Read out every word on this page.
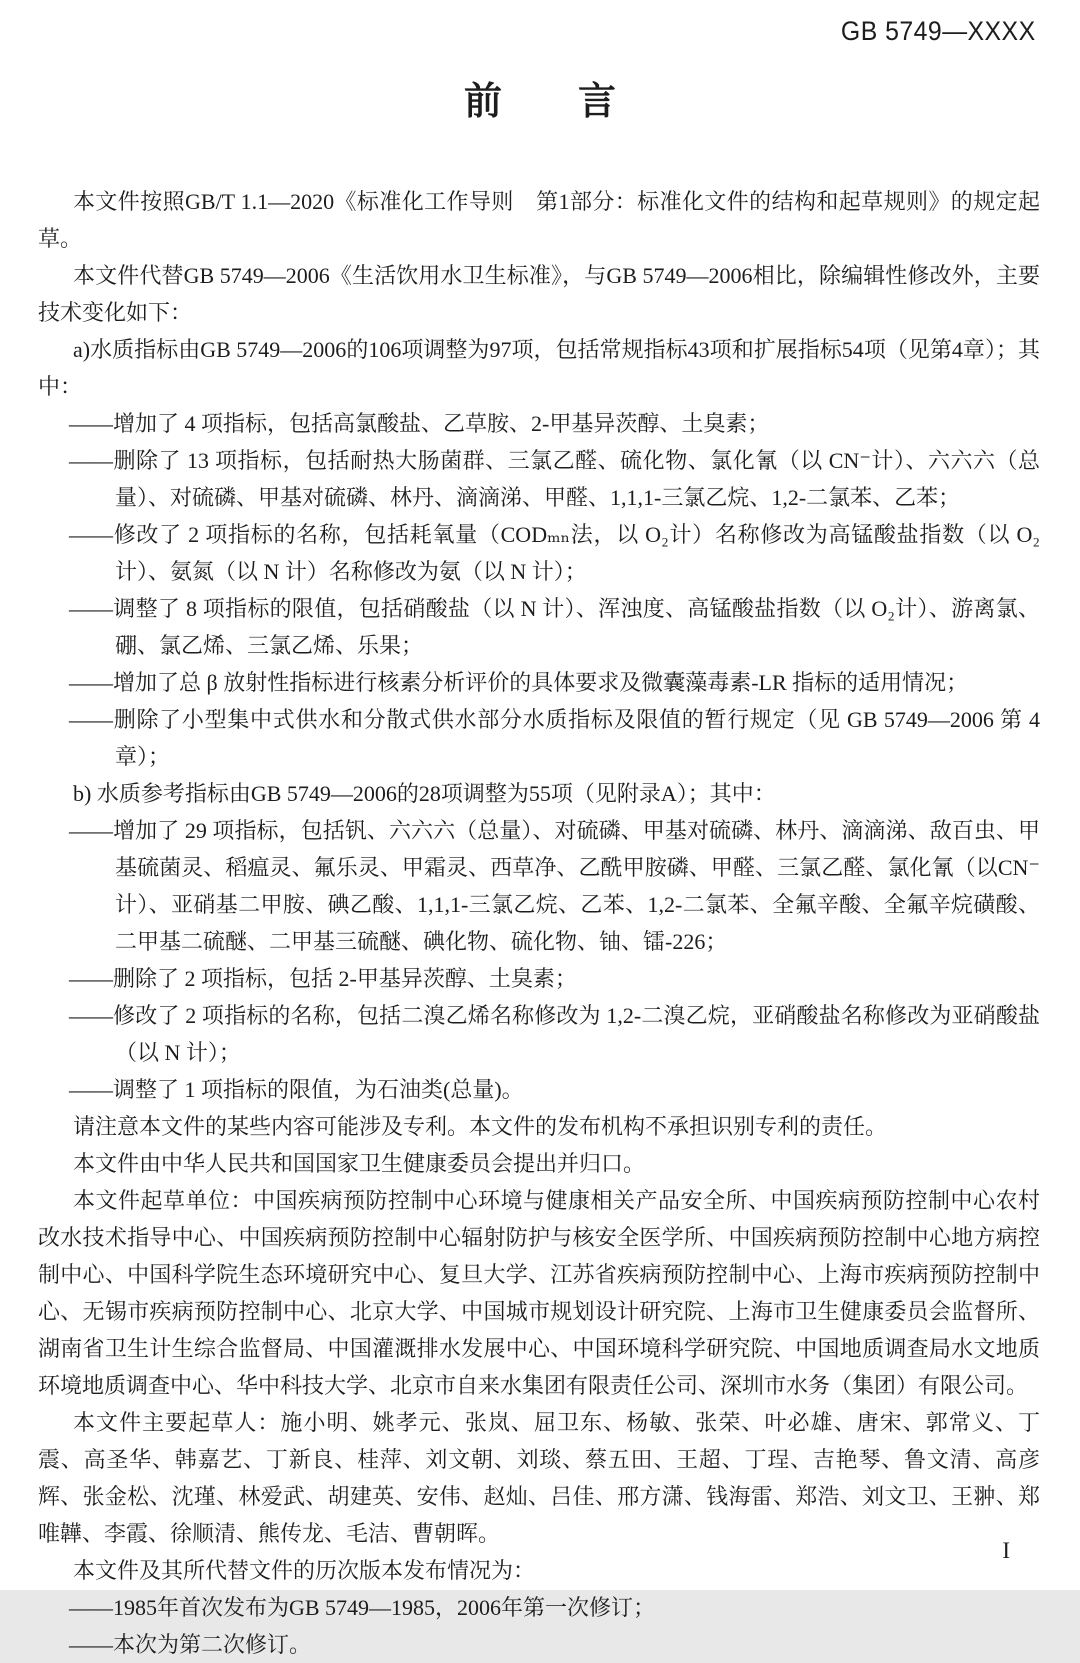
GB 5749—XXXX
前　　言

本文件按照GB/T 1.1—2020《标准化工作导则　第1部分：标准化文件的结构和起草规则》的规定起草。

本文件代替GB 5749—2006《生活饮用水卫生标准》，与GB 5749—2006相比，除编辑性修改外，主要技术变化如下：

a)水质指标由GB 5749—2006的106项调整为97项，包括常规指标43项和扩展指标54项（见第4章）；其中：

——增加了 4 项指标，包括高氯酸盐、乙草胺、2-甲基异茨醇、土臭素；

——删除了 13 项指标，包括耐热大肠菌群、三氯乙醛、硫化物、氯化氰（以 CN⁻计）、六六六（总量）、对硫磷、甲基对硫磷、林丹、滴滴涕、甲醛、1,1,1-三氯乙烷、1,2-二氯苯、乙苯；

——修改了 2 项指标的名称，包括耗氧量（CODₘₙ法，以 O₂计）名称修改为高锰酸盐指数（以 O₂计）、氨氮（以 N 计）名称修改为氨（以 N 计）；

——调整了 8 项指标的限值，包括硝酸盐（以 N 计）、浑浊度、高锰酸盐指数（以 O₂计）、游离氯、硼、氯乙烯、三氯乙烯、乐果；

——增加了总 β 放射性指标进行核素分析评价的具体要求及微囊藻毒素-LR 指标的适用情况；

——删除了小型集中式供水和分散式供水部分水质指标及限值的暂行规定（见 GB 5749—2006 第 4 章）；

b) 水质参考指标由GB 5749—2006的28项调整为55项（见附录A）；其中：

——增加了 29 项指标，包括钒、六六六（总量）、对硫磷、甲基对硫磷、林丹、滴滴涕、敌百虫、甲基硫菌灵、稻瘟灵、氟乐灵、甲霜灵、西草净、乙酰甲胺磷、甲醛、三氯乙醛、氯化氰（以CN⁻计）、亚硝基二甲胺、碘乙酸、1,1,1-三氯乙烷、乙苯、1,2-二氯苯、全氟辛酸、全氟辛烷磺酸、二甲基二硫醚、二甲基三硫醚、碘化物、硫化物、铀、镭-226；

——删除了 2 项指标，包括 2-甲基异茨醇、土臭素；

——修改了 2 项指标的名称，包括二溴乙烯名称修改为 1,2-二溴乙烷，亚硝酸盐名称修改为亚硝酸盐（以 N 计）；

——调整了 1 项指标的限值，为石油类(总量)。

请注意本文件的某些内容可能涉及专利。本文件的发布机构不承担识别专利的责任。

本文件由中华人民共和国国家卫生健康委员会提出并归口。

本文件起草单位：中国疾病预防控制中心环境与健康相关产品安全所、中国疾病预防控制中心农村改水技术指导中心、中国疾病预防控制中心辐射防护与核安全医学所、中国疾病预防控制中心地方病控制中心、中国科学院生态环境研究中心、复旦大学、江苏省疾病预防控制中心、上海市疾病预防控制中心、无锡市疾病预防控制中心、北京大学、中国城市规划设计研究院、上海市卫生健康委员会监督所、湖南省卫生计生综合监督局、中国灌溉排水发展中心、中国环境科学研究院、中国地质调查局水文地质环境地质调查中心、华中科技大学、北京市自来水集团有限责任公司、深圳市水务（集团）有限公司。

本文件主要起草人：施小明、姚孝元、张岚、屈卫东、杨敏、张荣、叶必雄、唐宋、郭常义、丁震、高圣华、韩嘉艺、丁新良、桂萍、刘文朝、刘琰、蔡五田、王超、丁珵、吉艳琴、鲁文清、高彦辉、张金松、沈瑾、林爱武、胡建英、安伟、赵灿、吕佳、邢方潇、钱海雷、郑浩、刘文卫、王翀、郑唯韡、李霞、徐顺清、熊传龙、毛洁、曹朝晖。

本文件及其所代替文件的历次版本发布情况为：

——1985年首次发布为GB 5749—1985，2006年第一次修订；

——本次为第二次修订。

I
